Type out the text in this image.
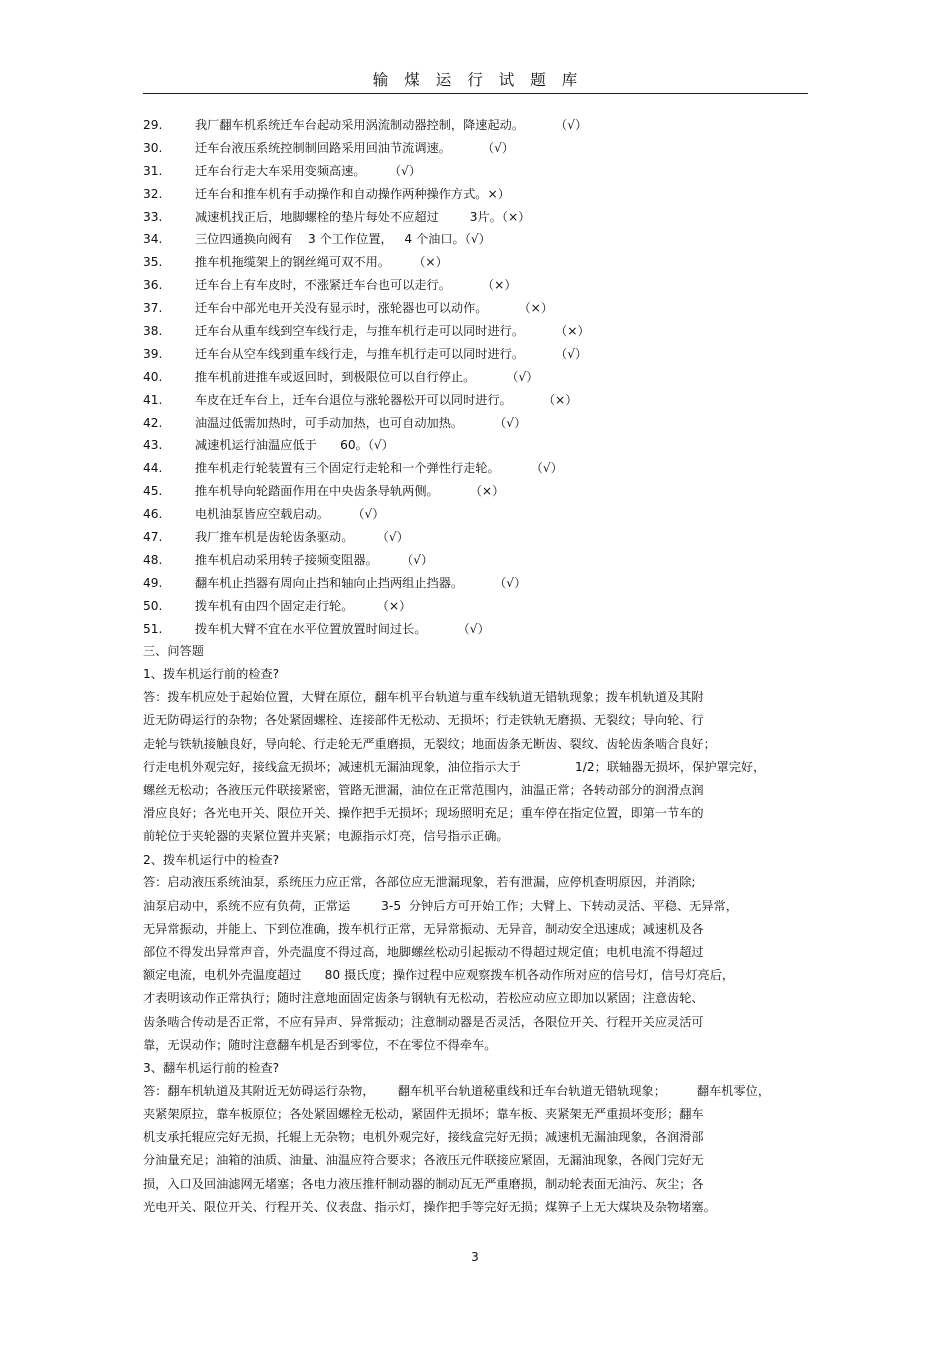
输煤运行试题库
29.	我厂翻车机系统迁车台起动采用涡流制动器控制，降速起动。        （√）
30.	迁车台液压系统控制制回路采用回油节流调速。        （√）
31.	迁车台行走大车采用变频高速。      （√）
32.	迁车台和推车机有手动操作和自动操作两种操作方式。×）
33.	减速机找正后，地脚螺栓的垫片每处不应超过        3片。（×）
34.	三位四通换向阀有    3 个工作位置，   4 个油口。（√）
35.	推车机拖缆架上的钢丝绳可双不用。      （×）
36.	迁车台上有车皮时，不涨紧迁车台也可以走行。        （×）
37.	迁车台中部光电开关没有显示时，涨轮器也可以动作。        （×）
38.	迁车台从重车线到空车线行走，与推车机行走可以同时进行。        （×）
39.	迁车台从空车线到重车线行走，与推车机行走可以同时进行。        （√）
40.	推车机前进推车或返回时，到极限位可以自行停止。        （√）
41.	车皮在迁车台上，迁车台退位与涨轮器松开可以同时进行。        （×）
42.	油温过低需加热时，可手动加热，也可自动加热。        （√）
43.	减速机运行油温应低于      60。（√）
44.	推车机走行轮装置有三个固定行走轮和一个弹性行走轮。        （√）
45.	推车机导向轮踏面作用在中央齿条导轨两侧。        （×）
46.	电机油泵皆应空载启动。      （√）
47.	我厂推车机是齿轮齿条驱动。      （√）
48.	推车机启动采用转子接频变阻器。      （√）
49.	翻车机止挡器有周向止挡和轴向止挡两组止挡器。        （√）
50.	拨车机有由四个固定走行轮。      （×）
51.	拨车机大臂不宜在水平位置放置时间过长。        （√）
三、问答题
1、拨车机运行前的检查?
答：拨车机应处于起始位置，大臂在原位，翻车机平台轨道与重车线轨道无错轨现象；拨车机轨道及其附
近无防碍运行的杂物；各处紧固螺栓、连接部件无松动、无损坏；行走铁轨无磨损、无裂纹；导向轮、行
走轮与铁轨接触良好，导向轮、行走轮无严重磨损，无裂纹；地面齿条无断齿、裂纹、齿轮齿条啮合良好；
行走电机外观完好，接线盒无损坏；减速机无漏油现象，油位指示大于              1/2；联轴器无损坏，保护罩完好，
螺丝无松动；各液压元件联接紧密，管路无泄漏，油位在正常范围内，油温正常；各转动部分的润滑点润
滑应良好；各光电开关、限位开关、操作把手无损坏；现场照明充足；重车停在指定位置，即第一节车的
前轮位于夹轮器的夹紧位置并夹紧；电源指示灯亮，信号指示正确。
2、拨车机运行中的检查?
答：启动液压系统油泵，系统压力应正常，各部位应无泄漏现象，若有泄漏，应停机查明原因，并消除;
油泵启动中，系统不应有负荷，正常运        3-5  分钟后方可开始工作；大臂上、下转动灵活、平稳、无异常，
无异常振动，并能上、下到位准确，拨车机行正常，无异常振动、无异音，制动安全迅速成；减速机及各
部位不得发出异常声音，外壳温度不得过高，地脚螺丝松动引起振动不得超过规定值；电机电流不得超过
额定电流，电机外壳温度超过      80 摄氏度；操作过程中应观察拨车机各动作所对应的信号灯，信号灯亮后，
才表明该动作正常执行；随时注意地面固定齿条与钢轨有无松动，若松应动应立即加以紧固；注意齿轮、
齿条啮合传动是否正常，不应有异声、异常振动；注意制动器是否灵活，各限位开关、行程开关应灵活可
靠，无误动作；随时注意翻车机是否到零位，不在零位不得牵车。
3、翻车机运行前的检查?
答：翻车机轨道及其附近无妨碍运行杂物，      翻车机平台轨道秘重线和迁车台轨道无错轨现象；        翻车机零位，
夹紧架原拉，靠车板原位；各处紧固螺栓无松动，紧固件无损坏；靠车板、夹紧架无严重损坏变形；翻车
机支承托辊应完好无损，托辊上无杂物；电机外观完好，接线盒完好无损；减速机无漏油现象，各润滑部
分油量充足；油箱的油质、油量、油温应符合要求；各液压元件联接应紧固，无漏油现象，各阀门完好无
损，入口及回油滤网无堵塞；各电力液压推杆制动器的制动瓦无严重磨损，制动轮表面无油污、灰尘；各
光电开关、限位开关、行程开关、仪表盘、指示灯，操作把手等完好无损；煤箅子上无大煤块及杂物堵塞。
3
